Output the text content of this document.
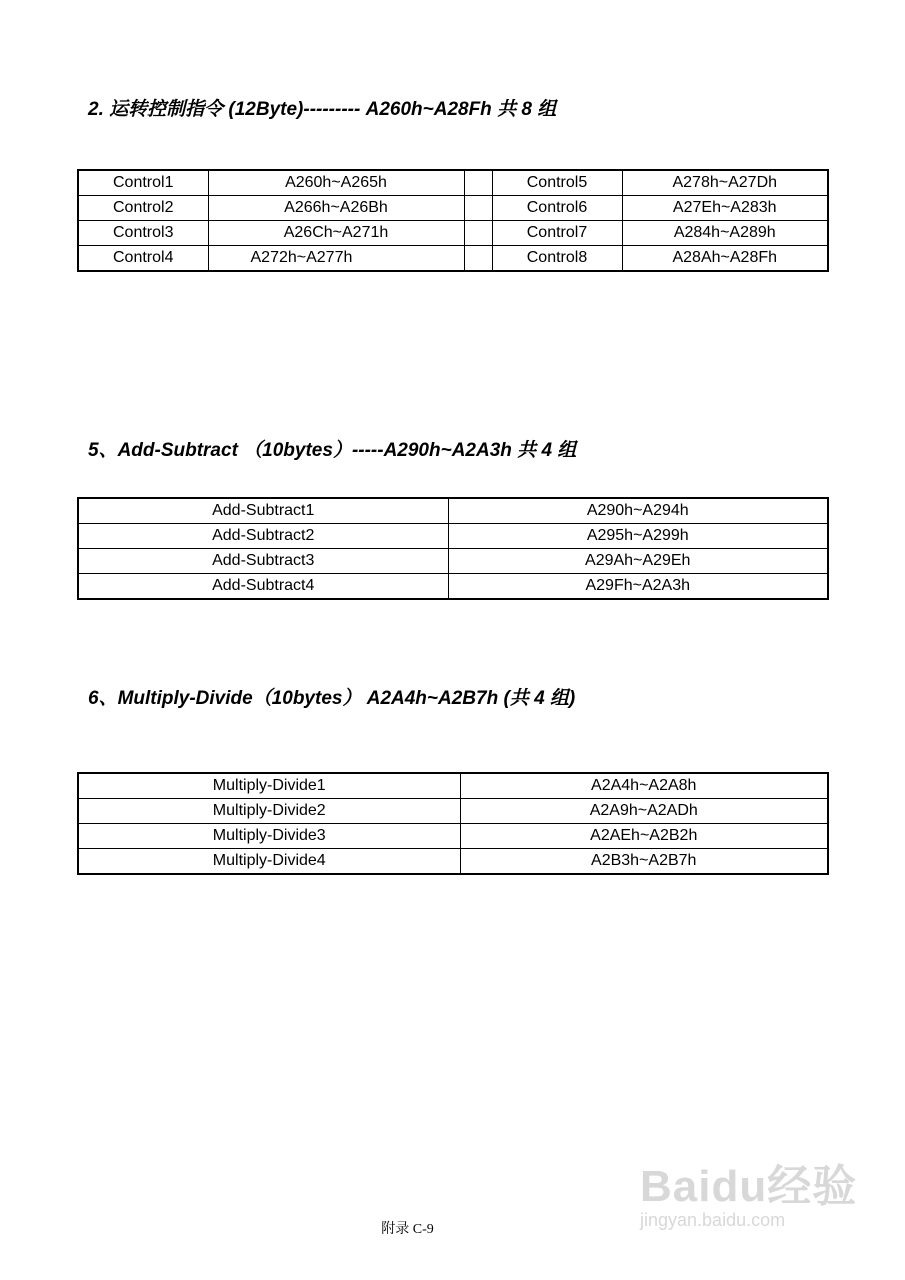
2. 运转控制指令 (12Byte)--------- A260h~A28Fh 共 8 组
Control1	A260h~A265h		Control5	A278h~A27Dh
Control2	A266h~A26Bh		Control6	A27Eh~A283h
Control3	A26Ch~A271h		Control7	A284h~A289h
Control4	A272h~A277h		Control8	A28Ah~A28Fh
5、Add-Subtract （10bytes）-----A290h~A2A3h 共 4 组
Add-Subtract1	A290h~A294h
Add-Subtract2	A295h~A299h
Add-Subtract3	A29Ah~A29Eh
Add-Subtract4	A29Fh~A2A3h
6、Multiply-Divide（10bytes） A2A4h~A2B7h (共 4 组)
Multiply-Divide1	A2A4h~A2A8h
Multiply-Divide2	A2A9h~A2ADh
Multiply-Divide3	A2AEh~A2B2h
Multiply-Divide4	A2B3h~A2B7h
附录 C-9
Baidu经验
jingyan.baidu.com
